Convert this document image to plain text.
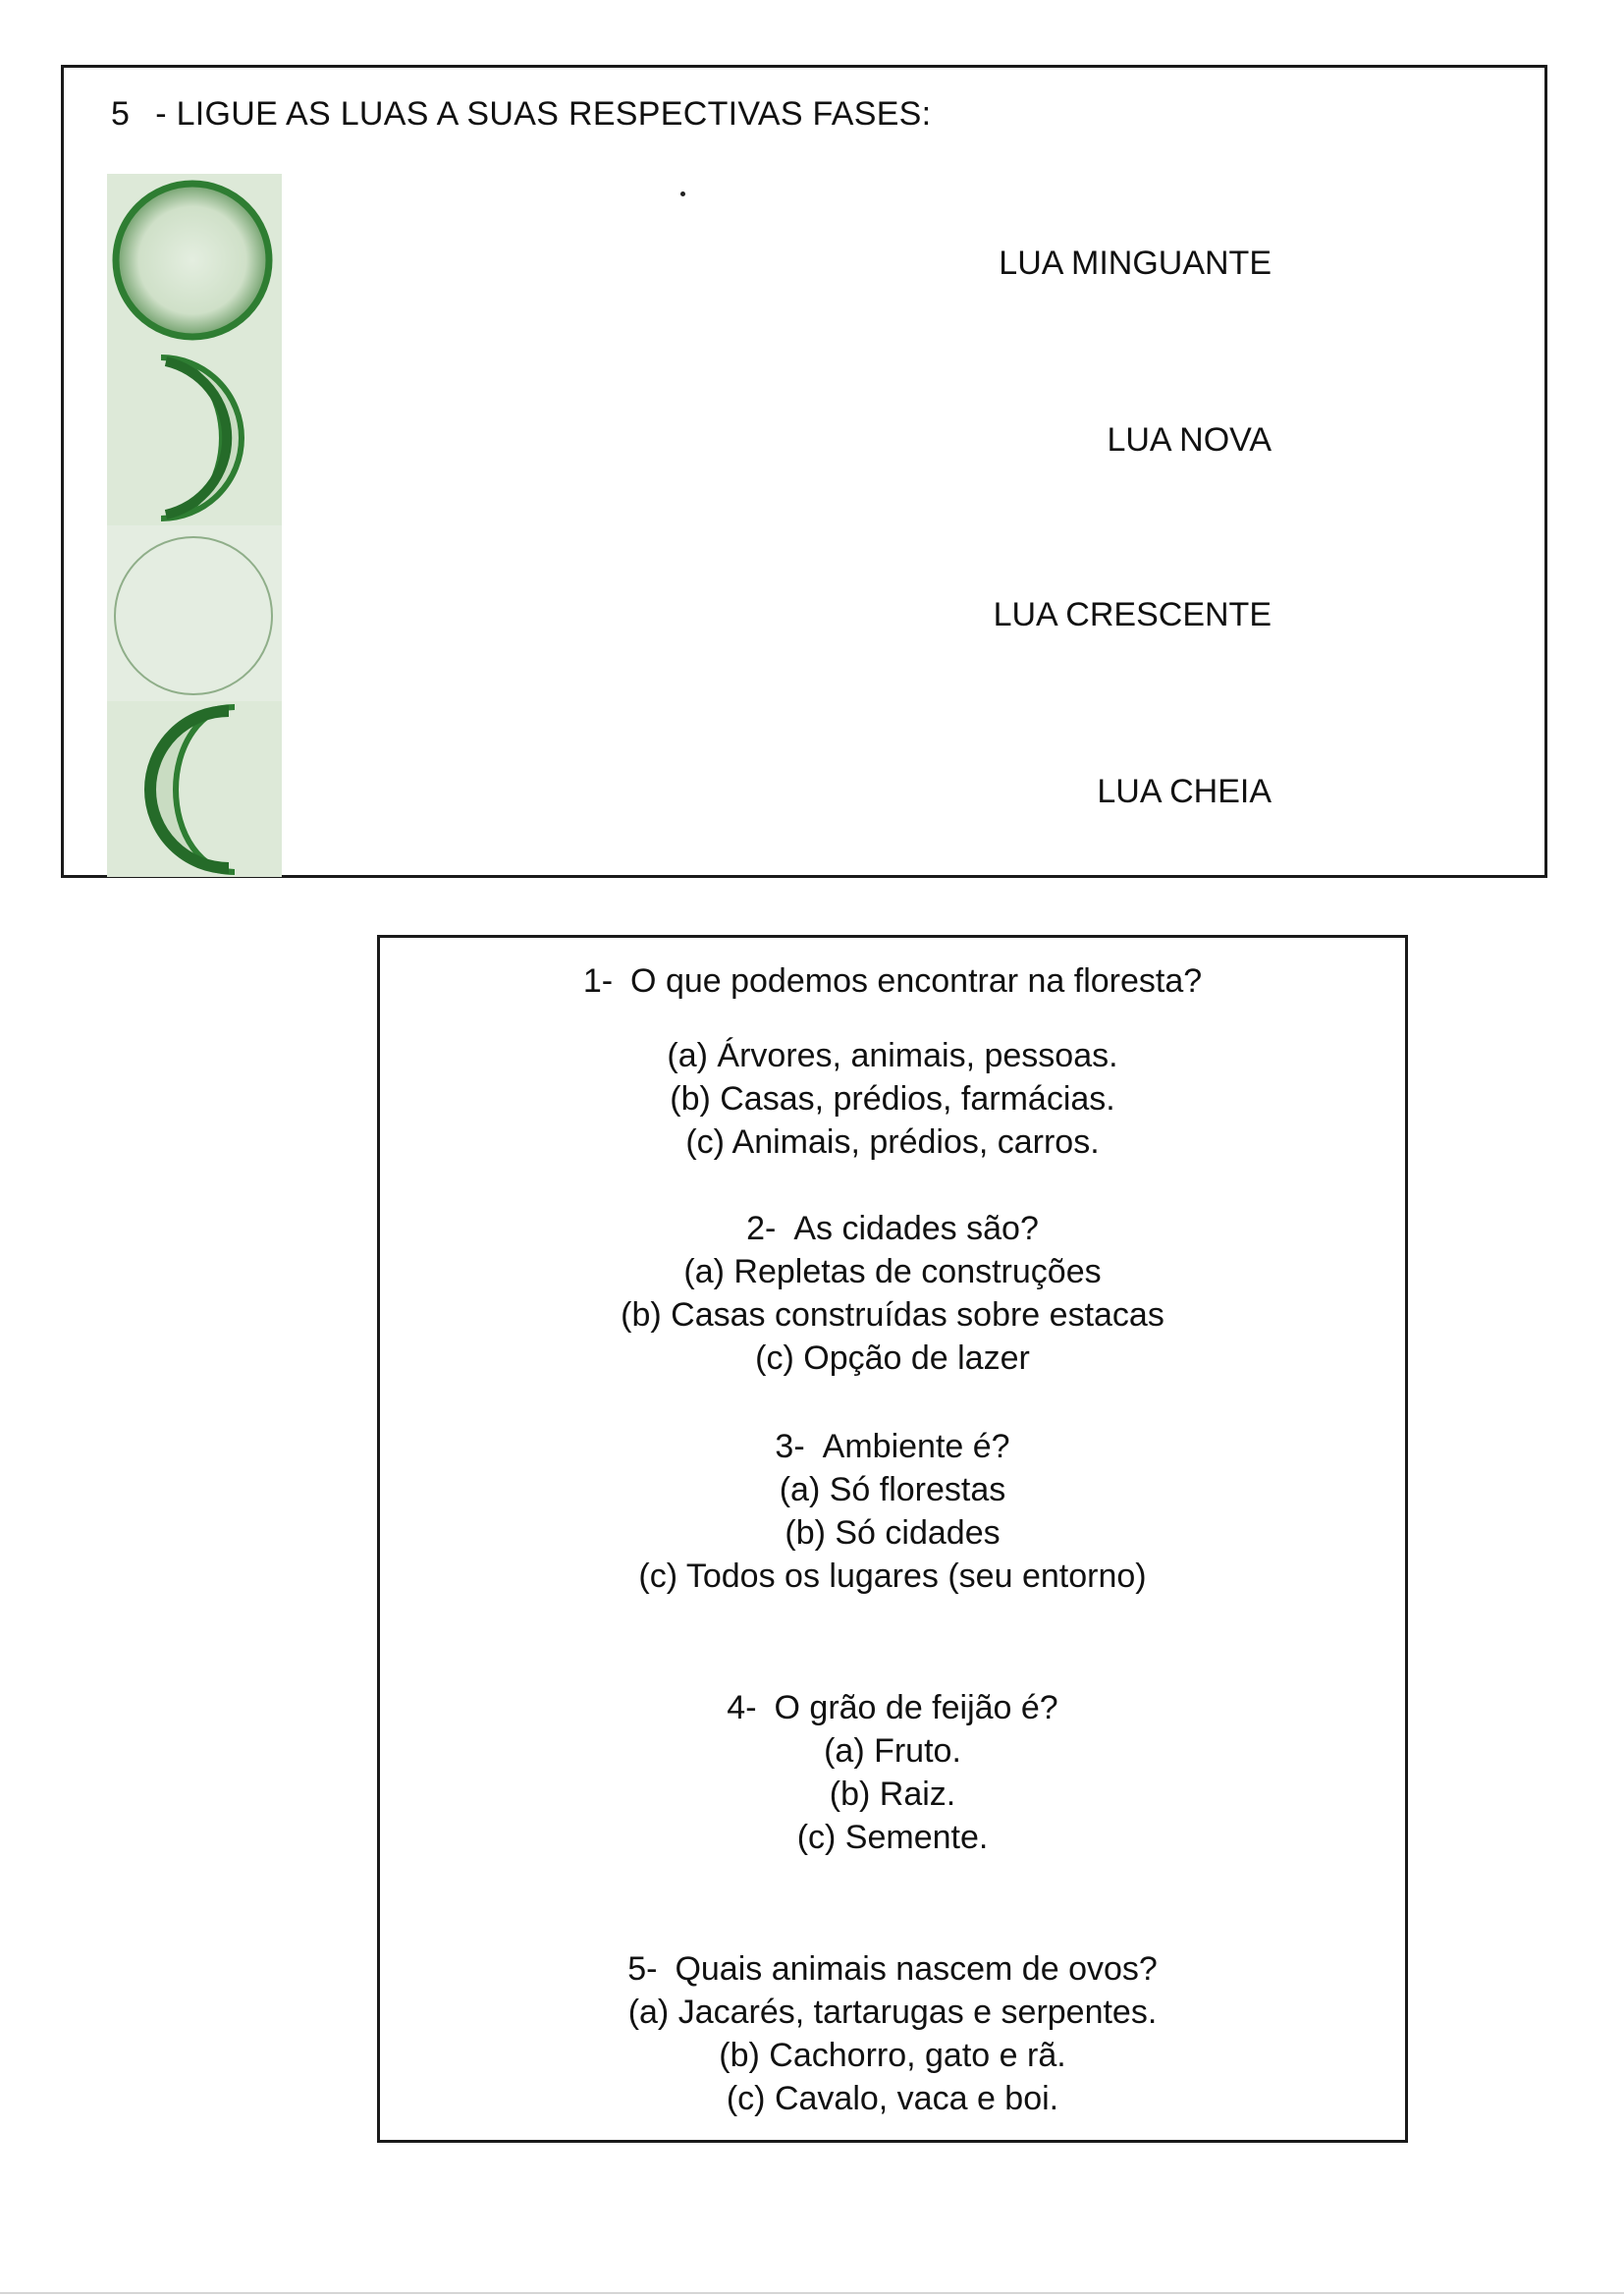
5 - LIGUE AS LUAS A SUAS RESPECTIVAS FASES:
LUA MINGUANTE
LUA NOVA
LUA CRESCENTE
LUA CHEIA
1- O que podemos encontrar na floresta?
(a) Árvores, animais, pessoas.
(b) Casas, prédios, farmácias.
(c) Animais, prédios, carros.
2- As cidades são?
(a) Repletas de construções
(b) Casas construídas sobre estacas
(c) Opção de lazer
3- Ambiente é?
(a) Só florestas
(b) Só cidades
(c) Todos os lugares (seu entorno)
4- O grão de feijão é?
(a) Fruto.
(b) Raiz.
(c) Semente.
5- Quais animais nascem de ovos?
(a) Jacarés, tartarugas e serpentes.
(b) Cachorro, gato e rã.
(c) Cavalo, vaca e boi.
